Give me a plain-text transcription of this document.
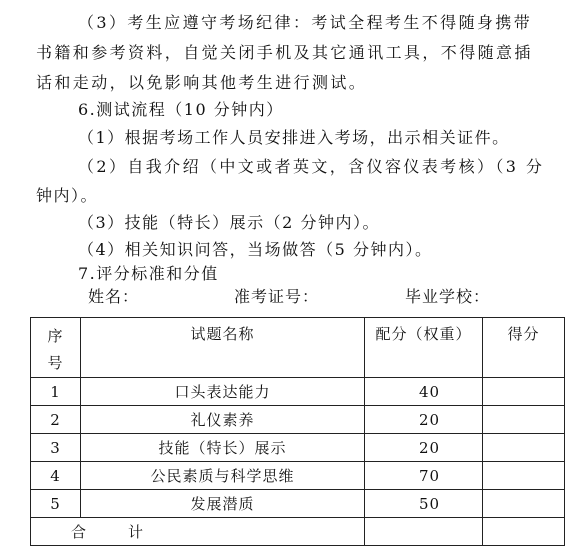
（3）考生应遵守考场纪律：考试全程考生不得随身携带
书籍和参考资料，自觉关闭手机及其它通讯工具，不得随意插
话和走动，以免影响其他考生进行测试。
6.测试流程（10 分钟内）
（1）根据考场工作人员安排进入考场，出示相关证件。
（2）自我介绍（中文或者英文，含仪容仪表考核）（3 分
钟内）。
（3）技能（特长）展示（2 分钟内）。
（4）相关知识问答，当场做答（5 分钟内）。
7.评分标准和分值
姓名：	准考证号：	毕业学校：
序
号	试题名称	配分（权重）	得分
1	口头表达能力	40	
2	礼仪素养	20	
3	技能（特长）展示	20	
4	公民素质与科学思维	70	
5	发展潜质	50	
合 计			
